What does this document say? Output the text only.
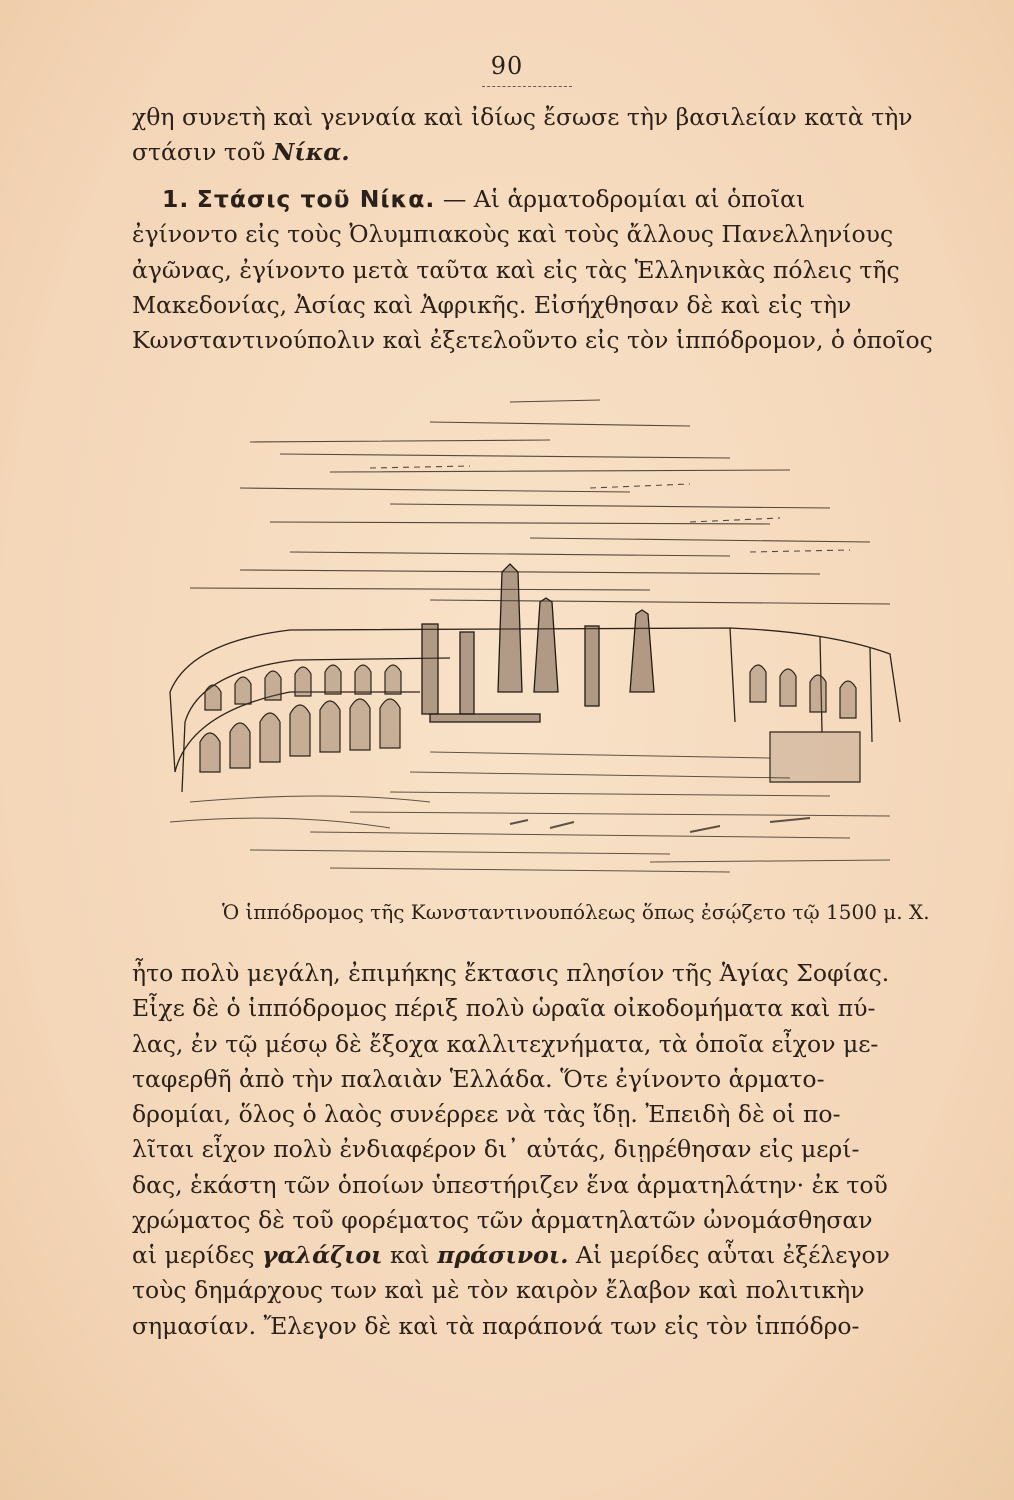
90

χθη συνετὴ καὶ γενναία καὶ ἰδίως ἔσωσε τὴν βασιλείαν κατὰ τὴν
στάσιν τοῦ Νίκα.

1. Στάσις τοῦ Νίκα. — Αἱ ἁρματοδρομίαι αἱ ὁποῖαι
ἐγίνοντο εἰς τοὺς Ὀλυμπιακοὺς καὶ τοὺς ἄλλους Πανελληνίους
ἀγῶνας, ἐγίνοντο μετὰ ταῦτα καὶ εἰς τὰς Ἑλληνικὰς πόλεις τῆς
Μακεδονίας, Ἀσίας καὶ Ἀφρικῆς. Εἰσήχθησαν δὲ καὶ εἰς τὴν
Κωνσταντινούπολιν καὶ ἐξετελοῦντο εἰς τὸν ἱππόδρομον, ὁ ὁποῖος

Ὁ ἱππόδρομος τῆς Κωνσταντινουπόλεως ὅπως ἐσῴζετο τῷ 1500 μ. Χ.

ἦτο πολὺ μεγάλη, ἐπιμήκης ἔκτασις πλησίον τῆς Ἁγίας Σοφίας.
Εἶχε δὲ ὁ ἱππόδρομος πέριξ πολὺ ὡραῖα οἰκοδομήματα καὶ πύ-
λας, ἐν τῷ μέσῳ δὲ ἔξοχα καλλιτεχνήματα, τὰ ὁποῖα εἶχον με-
ταφερθῆ ἀπὸ τὴν παλαιὰν Ἑλλάδα. Ὅτε ἐγίνοντο ἁρματο-
δρομίαι, ὅλος ὁ λαὸς συνέρρεε νὰ τὰς ἴδῃ. Ἐπειδὴ δὲ οἱ πο-
λῖται εἶχον πολὺ ἐνδιαφέρον δι᾽ αὐτάς, διῃρέθησαν εἰς μερί-
δας, ἑκάστη τῶν ὁποίων ὑπεστήριζεν ἕνα ἁρματηλάτην· ἐκ τοῦ
χρώματος δὲ τοῦ φορέματος τῶν ἁρματηλατῶν ὠνομάσθησαν
αἱ μερίδες γαλάζιοι καὶ πράσινοι. Αἱ μερίδες αὗται ἐξέλεγον
τοὺς δημάρχους των καὶ μὲ τὸν καιρὸν ἔλαβον καὶ πολιτικὴν
σημασίαν. Ἔλεγον δὲ καὶ τὰ παράπονά των εἰς τὸν ἱππόδρο-
